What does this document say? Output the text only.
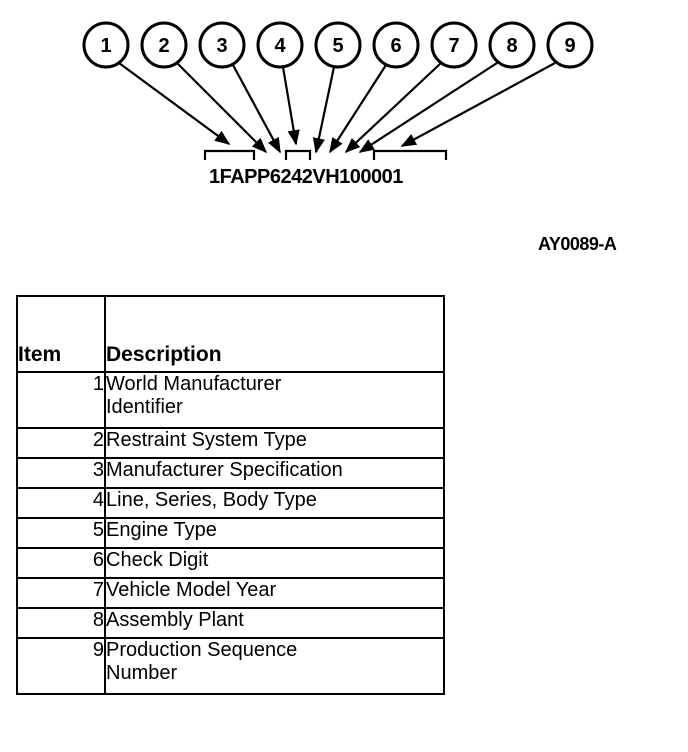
1 2 3 4 5 6 7 8 9
1FAPP6242VH100001
AY0089-A
Item	Description
1	World Manufacturer Identifier
2	Restraint System Type
3	Manufacturer Specification
4	Line, Series, Body Type
5	Engine Type
6	Check Digit
7	Vehicle Model Year
8	Assembly Plant
9	Production Sequence Number
